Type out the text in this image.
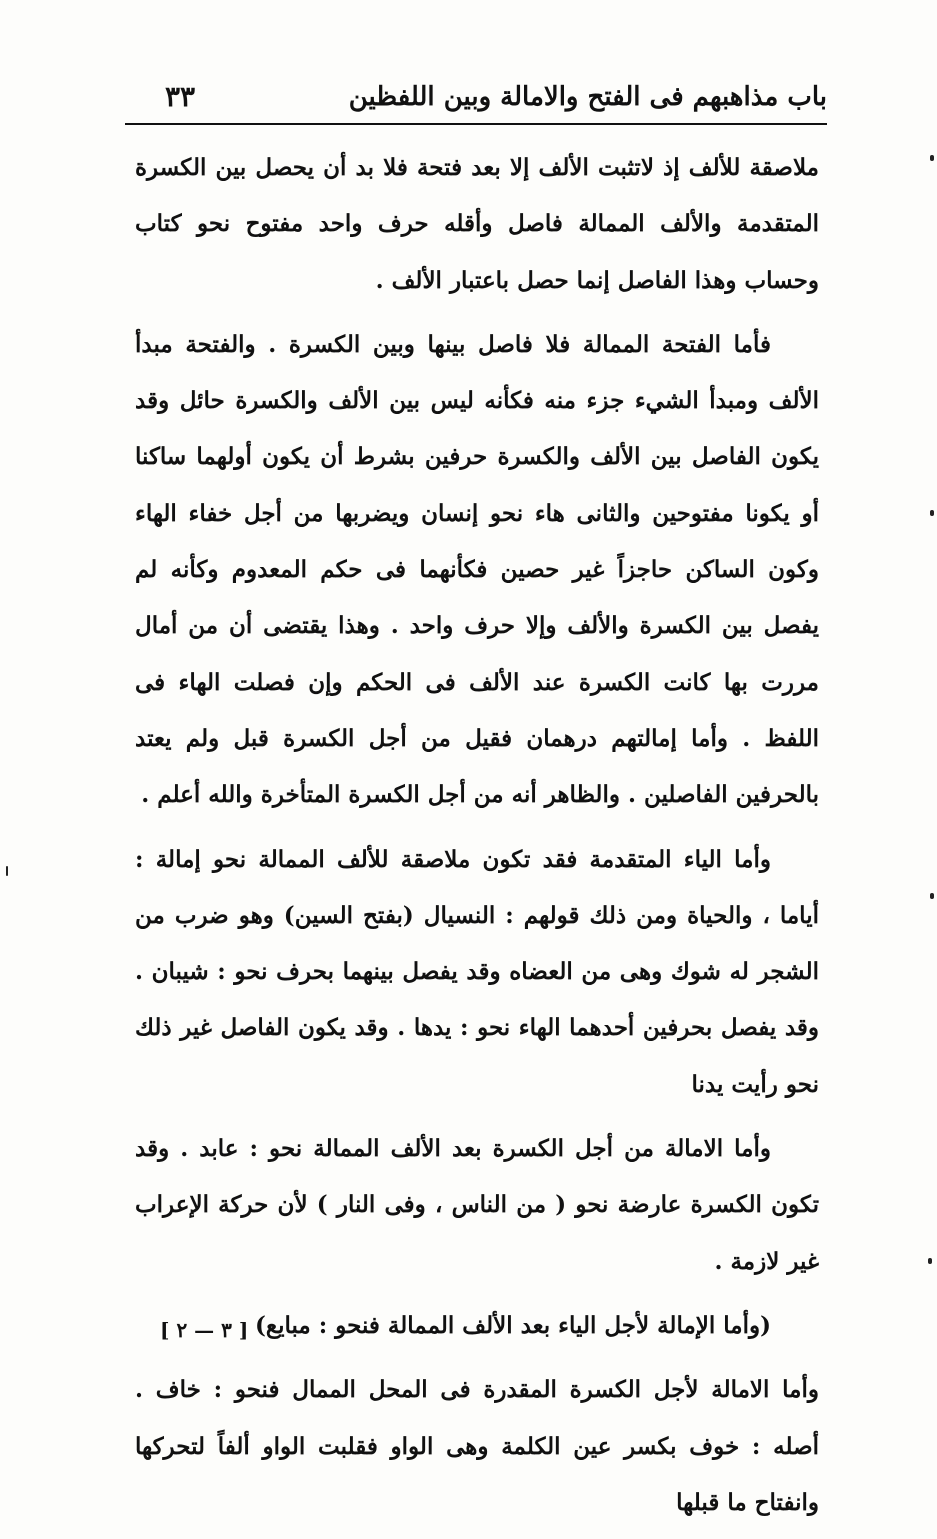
باب مذاهبهم فى الفتح والامالة وبين اللفظين
٣٣

ملاصقة للألف إذ لاتثبت الألف إلا بعد فتحة فلا بد أن يحصل بين الكسرة المتقدمة والألف الممالة فاصل وأقله حرف واحد مفتوح نحو كتاب وحساب وهذا الفاصل إنما حصل باعتبار الألف .

فأما الفتحة الممالة فلا فاصل بينها وبين الكسرة . والفتحة مبدأ الألف ومبدأ الشيء جزء منه فكأنه ليس بين الألف والكسرة حائل وقد يكون الفاصل بين الألف والكسرة حرفين بشرط أن يكون أولهما ساكنا أو يكونا مفتوحين والثانى هاء نحو إنسان ويضربها من أجل خفاء الهاء وكون الساكن حاجزاً غير حصين فكأنهما فى حكم المعدوم وكأنه لم يفصل بين الكسرة والألف وإلا حرف واحد . وهذا يقتضى أن من أمال مررت بها كانت الكسرة عند الألف فى الحكم وإن فصلت الهاء فى اللفظ . وأما إمالتهم درهمان فقيل من أجل الكسرة قبل ولم يعتد بالحرفين الفاصلين . والظاهر أنه من أجل الكسرة المتأخرة والله أعلم .

وأما الياء المتقدمة فقد تكون ملاصقة للألف الممالة نحو إمالة : أياما ، والحياة ومن ذلك قولهم : النسيال (بفتح السين) وهو ضرب من الشجر له شوك وهى من العضاه وقد يفصل بينهما بحرف نحو : شيبان . وقد يفصل بحرفين أحدهما الهاء نحو : يدها . وقد يكون الفاصل غير ذلك نحو رأيت يدنا

وأما الامالة من أجل الكسرة بعد الألف الممالة نحو : عابد . وقد تكون الكسرة عارضة نحو ( من الناس ، وفى النار ) لأن حركة الإعراب غير لازمة .

(وأما الإمالة لأجل الياء بعد الألف الممالة فنحو : مبايع)

وأما الامالة لأجل الكسرة المقدرة فى المحل الممال فنحو : خاف . أصله : خوف بكسر عين الكلمة وهى الواو فقلبت الواو ألفاً لتحركها وانفتاح ما قبلها

[ ٣ — ٢ ]
